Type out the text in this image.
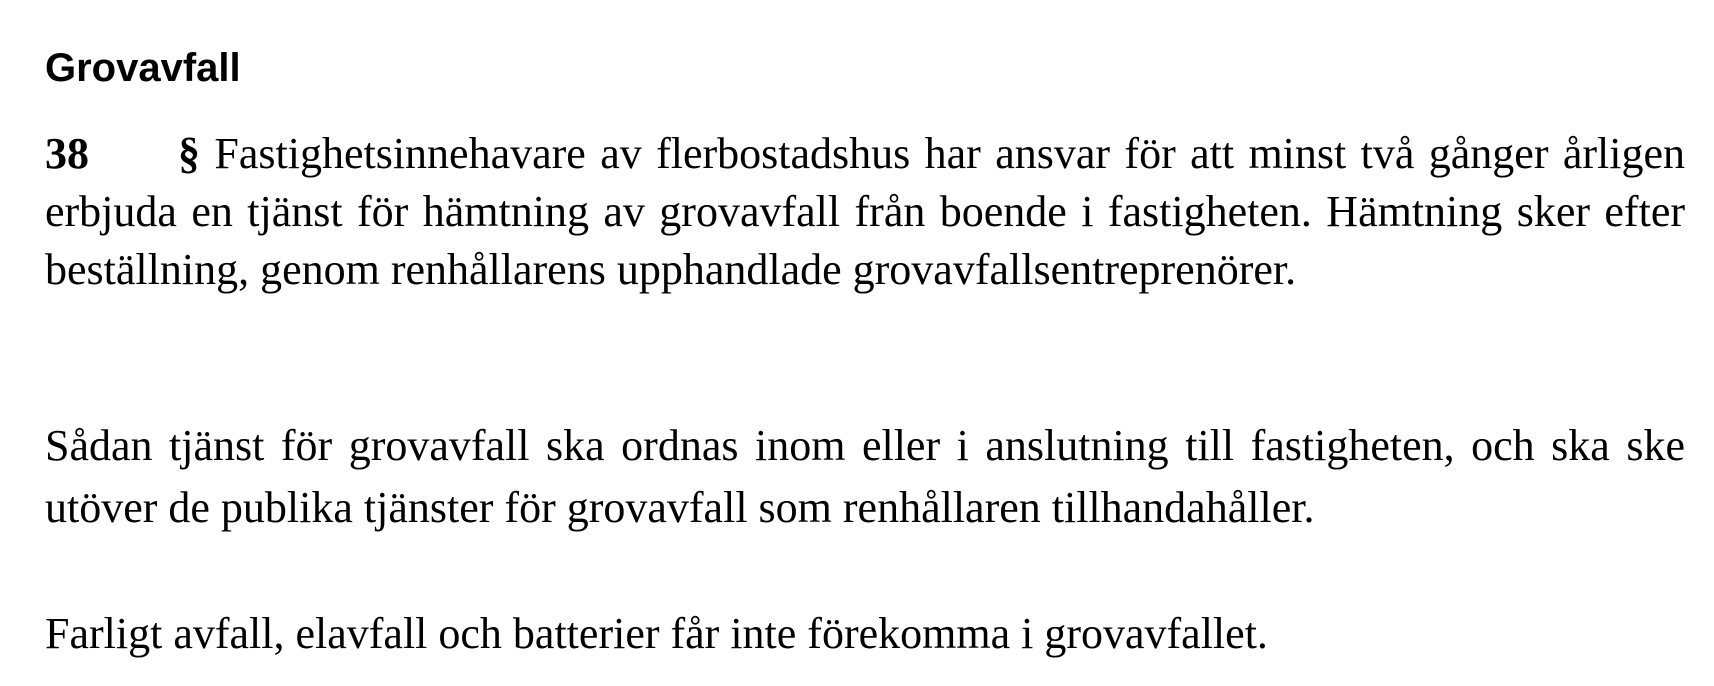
Grovavfall

38 § Fastighetsinnehavare av flerbostadshus har ansvar för att minst två gånger årligen erbjuda en tjänst för hämtning av grovavfall från boende i fastigheten. Hämtning sker efter beställning, genom renhållarens upphandlade grovavfallsentreprenörer.

Sådan tjänst för grovavfall ska ordnas inom eller i anslutning till fastigheten, och ska ske utöver de publika tjänster för grovavfall som renhållaren tillhandahåller.

Farligt avfall, elavfall och batterier får inte förekomma i grovavfallet.
